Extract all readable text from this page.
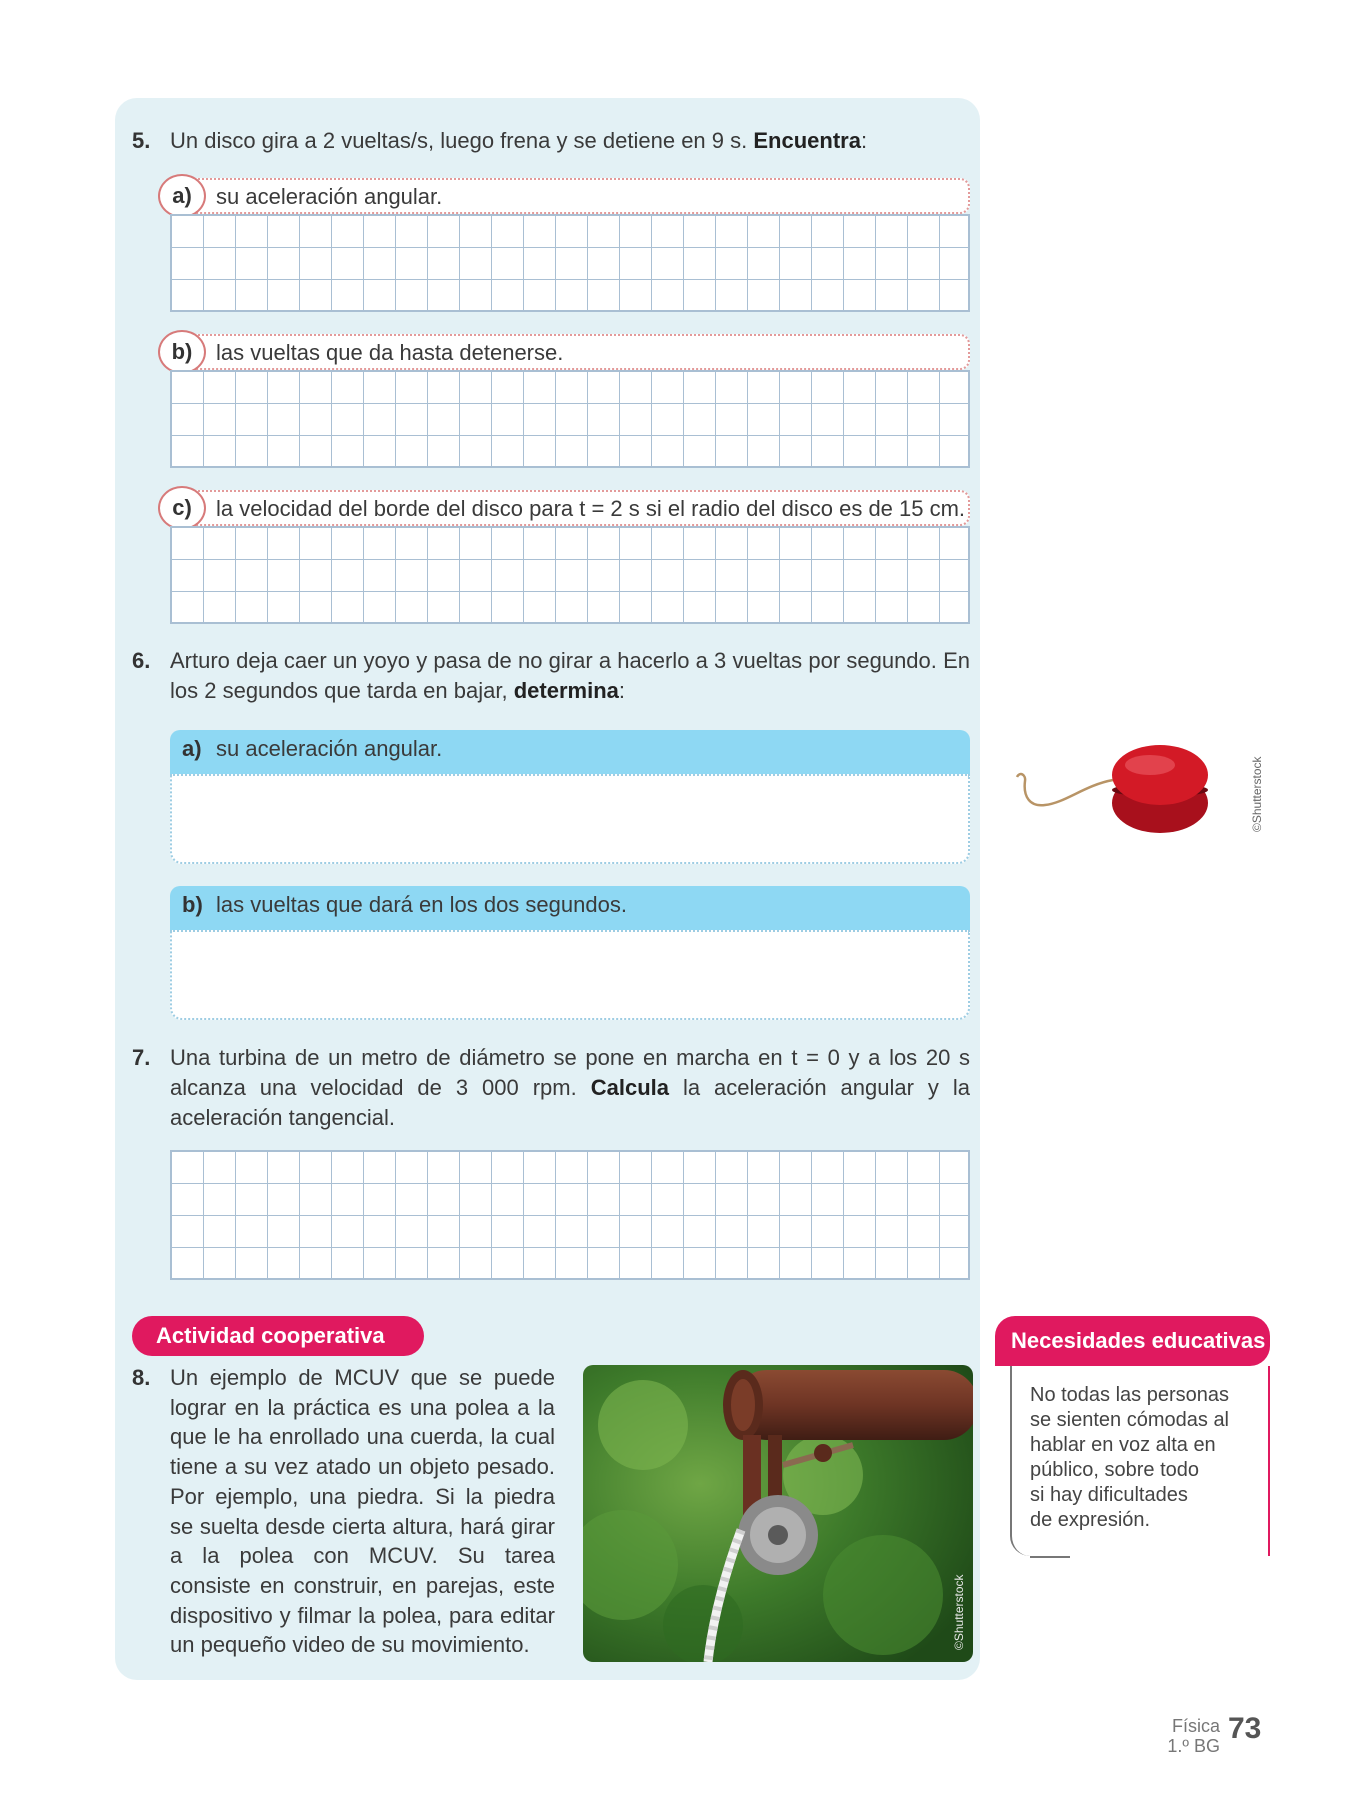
5. Un disco gira a 2 vueltas/s, luego frena y se detiene en 9 s. Encuentra:
a)	su aceleración angular.
b)	las vueltas que da hasta detenerse.
c)	la velocidad del borde del disco para t = 2 s si el radio del disco es de 15 cm.
6. Arturo deja caer un yoyo y pasa de no girar a hacerlo a 3 vueltas por segundo. En los 2 segundos que tarda en bajar, determina:
a) su aceleración angular.
b) las vueltas que dará en los dos segundos.
©Shutterstock
7. Una turbina de un metro de diámetro se pone en marcha en t = 0 y a los 20 s alcanza una velocidad de 3 000 rpm. Calcula la aceleración angular y la aceleración tangencial.
Actividad cooperativa
8. Un ejemplo de MCUV que se puede lograr en la práctica es una polea a la que le ha enrollado una cuerda, la cual tiene a su vez atado un objeto pesado. Por ejemplo, una piedra. Si la piedra se suelta desde cierta altura, hará girar a la polea con MCUV. Su tarea consiste en construir, en parejas, este dispositivo y filmar la polea, para editar un pequeño video de su movimiento.	©Shutterstock
Necesidades educativas
No todas las personas
se sienten cómodas al
hablar en voz alta en
público, sobre todo
si hay dificultades
de expresión.
Física
1.º BG
73
